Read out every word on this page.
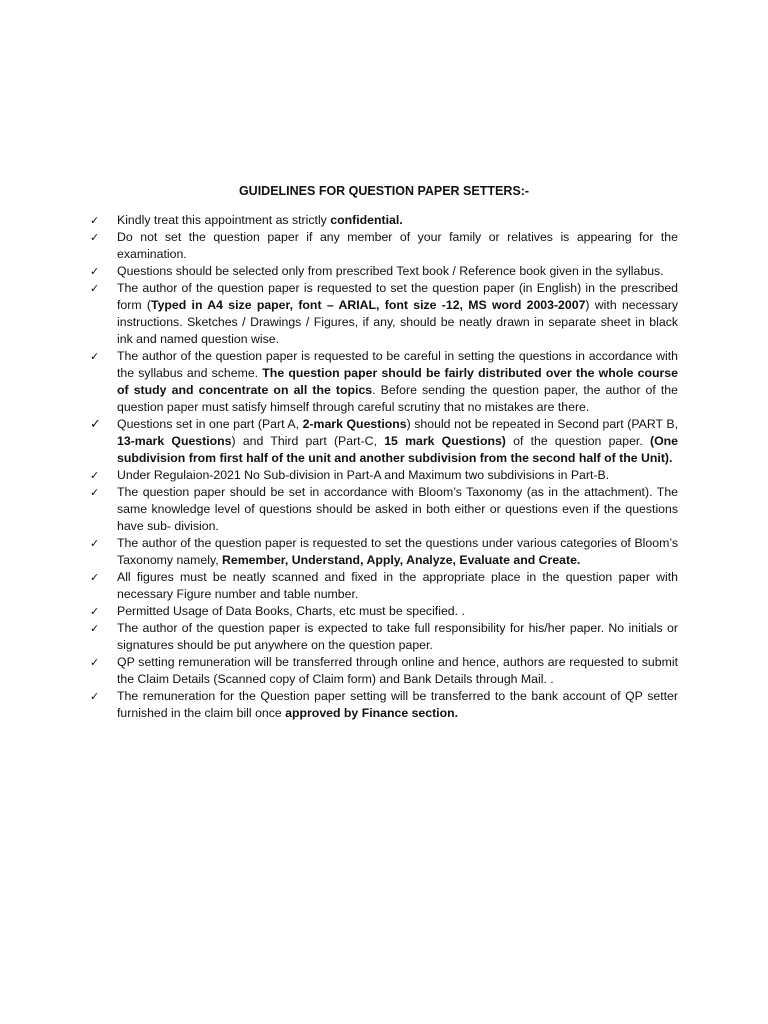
GUIDELINES FOR QUESTION PAPER SETTERS:-
✓ Kindly treat this appointment as strictly confidential.
✓ Do not set the question paper if any member of your family or relatives is appearing for the examination.
✓ Questions should be selected only from prescribed Text book / Reference book given in the syllabus.
✓ The author of the question paper is requested to set the question paper (in English) in the prescribed form (Typed in A4 size paper, font – ARIAL, font size -12, MS word 2003-2007) with necessary instructions. Sketches / Drawings / Figures, if any, should be neatly drawn in separate sheet in black ink and named question wise.
✓ The author of the question paper is requested to be careful in setting the questions in accordance with the syllabus and scheme. The question paper should be fairly distributed over the whole course of study and concentrate on all the topics. Before sending the question paper, the author of the question paper must satisfy himself through careful scrutiny that no mistakes are there.
✓ Questions set in one part (Part A, 2-mark Questions) should not be repeated in Second part (PART B, 13-mark Questions) and Third part (Part-C, 15 mark Questions) of the question paper. (One subdivision from first half of the unit and another subdivision from the second half of the Unit).
✓ Under Regulaion-2021 No Sub-division in Part-A and Maximum two subdivisions in Part-B.
✓ The question paper should be set in accordance with Bloom’s Taxonomy (as in the attachment). The same knowledge level of questions should be asked in both either or questions even if the questions have sub- division.
✓ The author of the question paper is requested to set the questions under various categories of Bloom’s Taxonomy namely, Remember, Understand, Apply, Analyze, Evaluate and Create.
✓ All figures must be neatly scanned and fixed in the appropriate place in the question paper with necessary Figure number and table number.
✓ Permitted Usage of Data Books, Charts, etc must be specified. .
✓ The author of the question paper is expected to take full responsibility for his/her paper. No initials or signatures should be put anywhere on the question paper.
✓ QP setting remuneration will be transferred through online and hence, authors are requested to submit the Claim Details (Scanned copy of Claim form) and Bank Details through Mail. .
✓ The remuneration for the Question paper setting will be transferred to the bank account of QP setter furnished in the claim bill once approved by Finance section.
